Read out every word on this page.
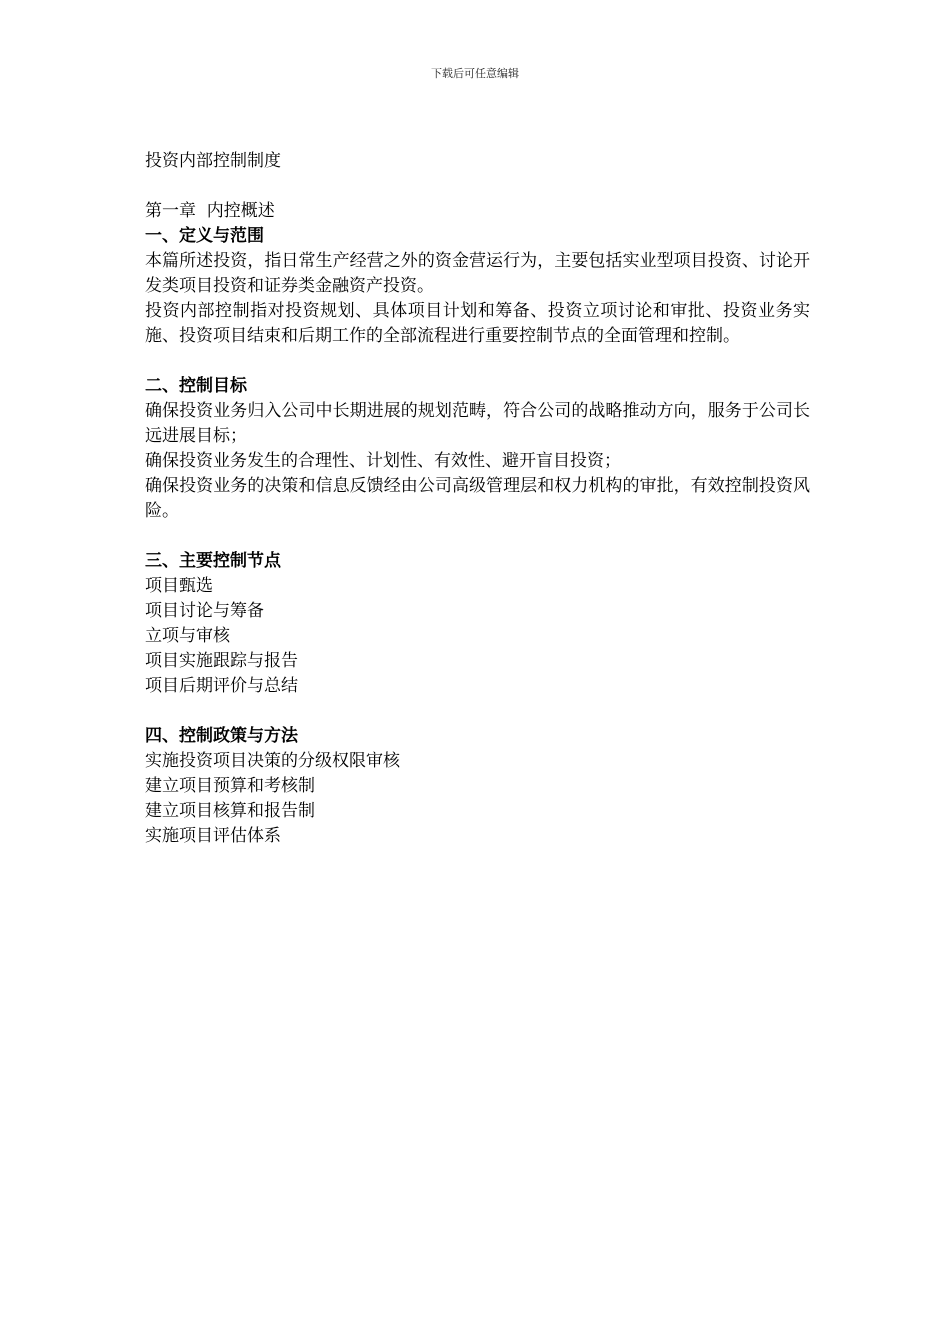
下载后可任意编辑

投资内部控制制度

第一章  内控概述

一、定义与范围

本篇所述投资，指日常生产经营之外的资金营运行为，主要包括实业型项目投资、讨论开发类项目投资和证券类金融资产投资。

投资内部控制指对投资规划、具体项目计划和筹备、投资立项讨论和审批、投资业务实施、投资项目结束和后期工作的全部流程进行重要控制节点的全面管理和控制。

二、控制目标

确保投资业务归入公司中长期进展的规划范畴，符合公司的战略推动方向，服务于公司长远进展目标；

确保投资业务发生的合理性、计划性、有效性、避开盲目投资；

确保投资业务的决策和信息反馈经由公司高级管理层和权力机构的审批，有效控制投资风险。

三、主要控制节点

项目甄选

项目讨论与筹备

立项与审核

项目实施跟踪与报告

项目后期评价与总结

四、控制政策与方法

实施投资项目决策的分级权限审核

建立项目预算和考核制

建立项目核算和报告制

实施项目评估体系
